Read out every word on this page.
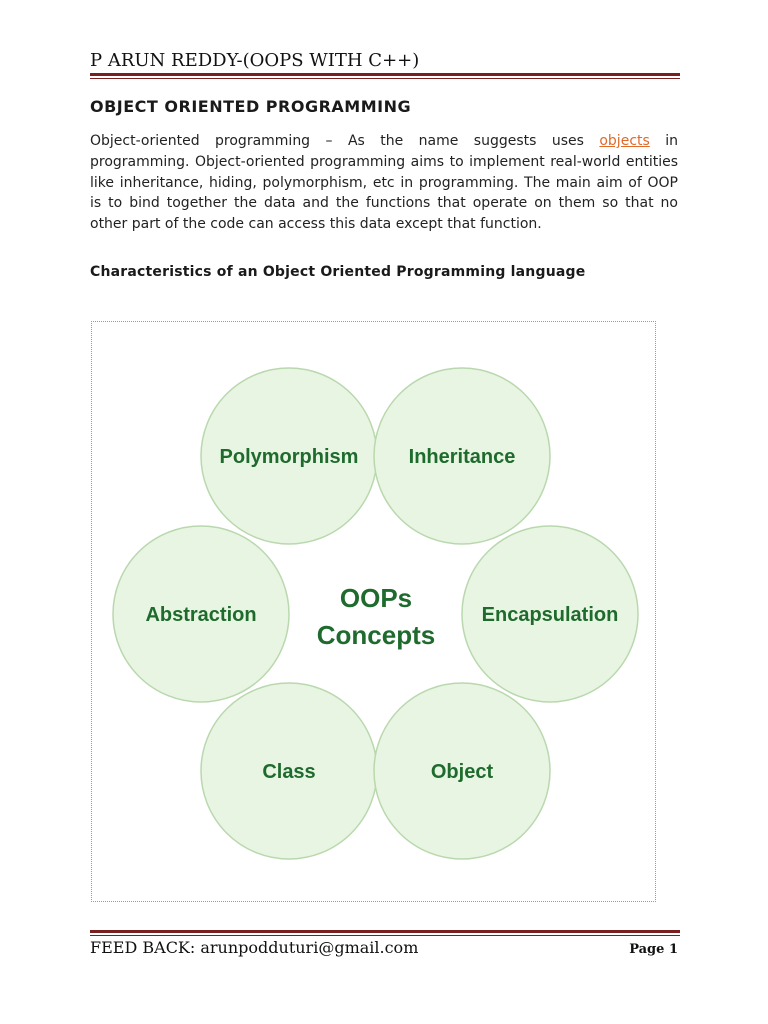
P ARUN REDDY-(OOPS WITH C++)
OBJECT ORIENTED PROGRAMMING

Object-oriented programming – As the name suggests uses objects in programming. Object-oriented programming aims to implement real-world entities like inheritance, hiding, polymorphism, etc in programming. The main aim of OOP is to bind together the data and the functions that operate on them so that no other part of the code can access this data except that function.

Characteristics of an Object Oriented Programming language
Polymorphism	Inheritance
Abstraction	Encapsulation
Class	Object
OOPs
Concepts
FEED BACK: arunpodduturi@gmail.com	Page 1
